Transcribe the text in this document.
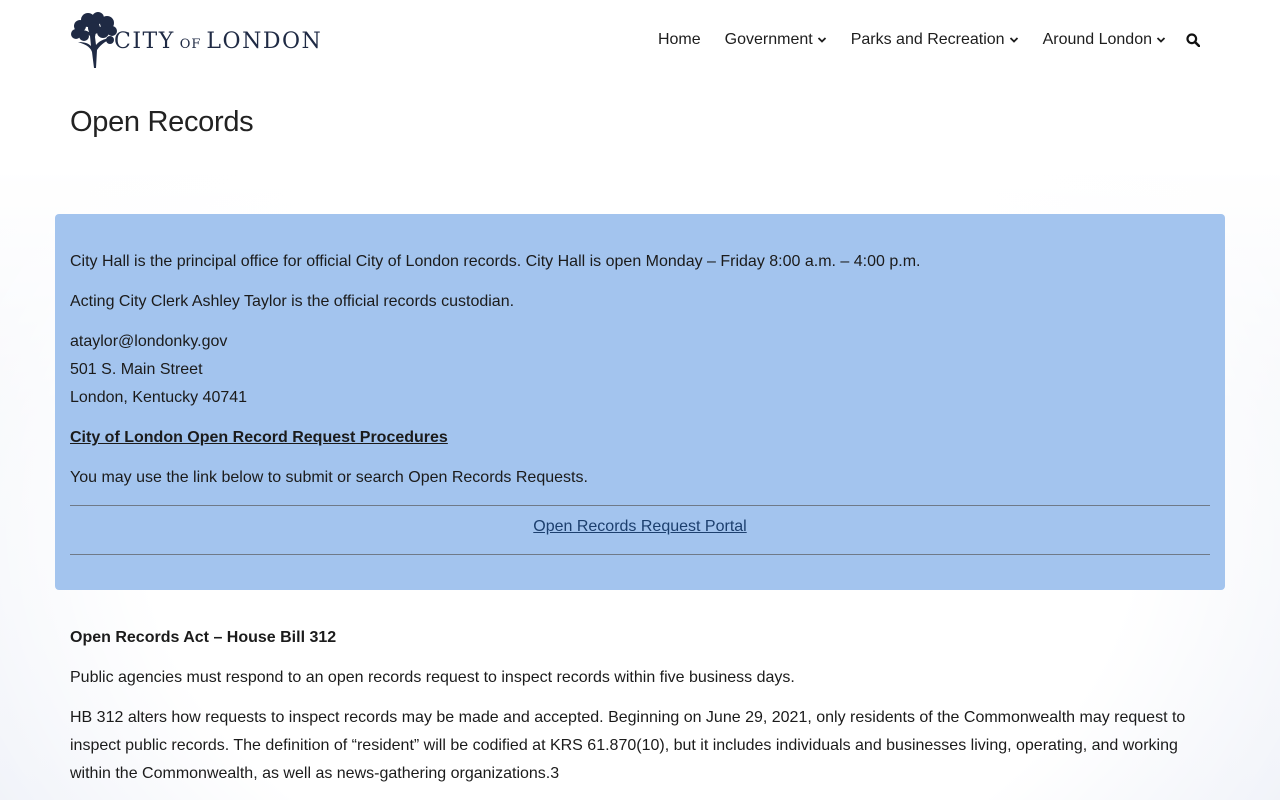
CITY OF LONDON	Home Government Parks and Recreation Around London
Open Records
City Hall is the principal office for official City of London records. City Hall is open Monday – Friday 8:00 a.m. – 4:00 p.m.
Acting City Clerk Ashley Taylor is the official records custodian.
ataylor@londonky.gov
501 S. Main Street
London, Kentucky 40741
City of London Open Record Request Procedures
You may use the link below to submit or search Open Records Requests.
Open Records Request Portal
Open Records Act – House Bill 312
Public agencies must respond to an open records request to inspect records within five business days.
HB 312 alters how requests to inspect records may be made and accepted. Beginning on June 29, 2021, only residents of the Commonwealth may request to inspect public records. The definition of “resident” will be codified at KRS 61.870(10), but it includes individuals and businesses living, operating, and working within the Commonwealth, as well as news-gathering organizations.3
